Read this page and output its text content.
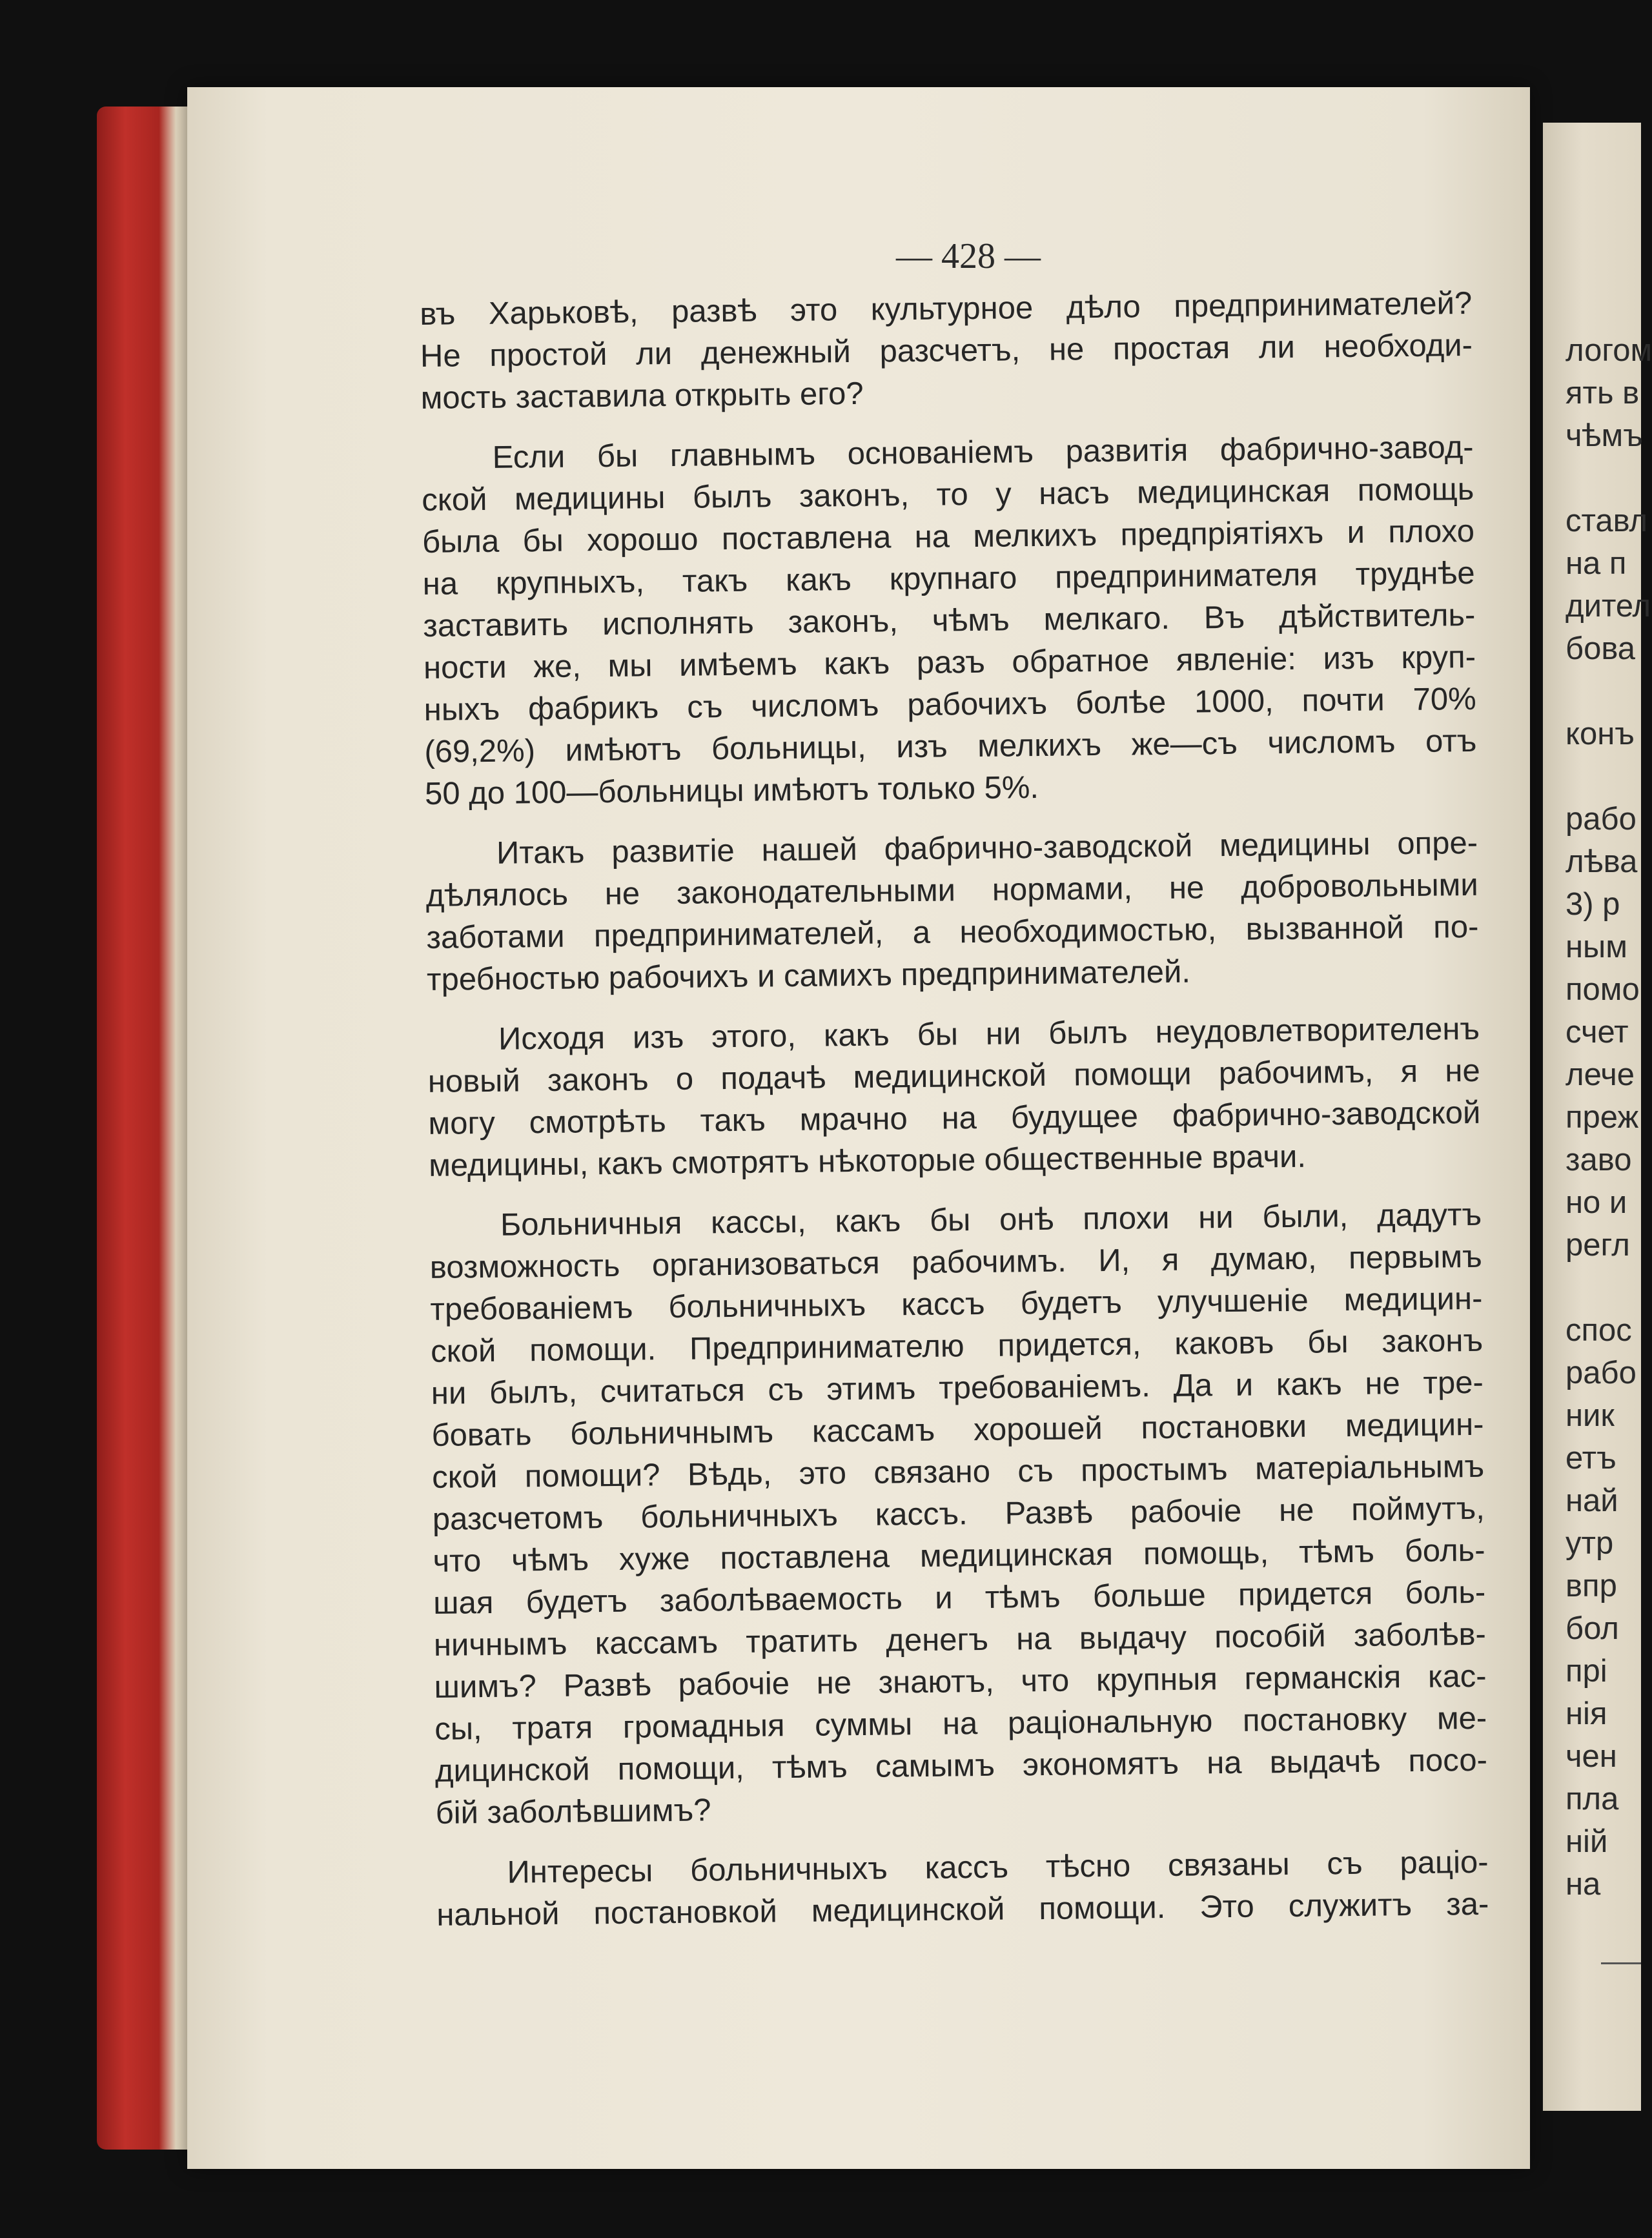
— 428 —

въ Харьковѣ, развѣ это культурное дѣло предпринимателей?
Не простой ли денежный разсчетъ, не простая ли необходи-
мость заставила открыть его?

Если бы главнымъ основаніемъ развитія фабрично-завод-
ской медицины былъ законъ, то у насъ медицинская помощь
была бы хорошо поставлена на мелкихъ предпріятіяхъ и плохо
на крупныхъ, такъ какъ крупнаго предпринимателя труднѣе
заставить исполнять законъ, чѣмъ мелкаго. Въ дѣйствитель-
ности же, мы имѣемъ какъ разъ обратное явленіе: изъ круп-
ныхъ фабрикъ съ числомъ рабочихъ болѣе 1000, почти 70%
(69,2%) имѣютъ больницы, изъ мелкихъ же—съ числомъ отъ
50 до 100—больницы имѣютъ только 5%.

Итакъ развитіе нашей фабрично-заводской медицины опре-
дѣлялось не законодательными нормами, не добровольными
заботами предпринимателей, а необходимостью, вызванной по-
требностью рабочихъ и самихъ предпринимателей.

Исходя изъ этого, какъ бы ни былъ неудовлетворителенъ
новый законъ о подачѣ медицинской помощи рабочимъ, я не
могу смотрѣть такъ мрачно на будущее фабрично-заводской
медицины, какъ смотрятъ нѣкоторые общественные врачи.

Больничныя кассы, какъ бы онѣ плохи ни были, дадутъ
возможность организоваться рабочимъ. И, я думаю, первымъ
требованіемъ больничныхъ кассъ будетъ улучшеніе медицин-
ской помощи. Предпринимателю придется, каковъ бы законъ
ни былъ, считаться съ этимъ требованіемъ. Да и какъ не тре-
бовать больничнымъ кассамъ хорошей постановки медицин-
ской помощи? Вѣдь, это связано съ простымъ матеріальнымъ
разсчетомъ больничныхъ кассъ. Развѣ рабочіе не поймутъ,
что чѣмъ хуже поставлена медицинская помощь, тѣмъ боль-
шая будетъ заболѣваемость и тѣмъ больше придется боль-
ничнымъ кассамъ тратить денегъ на выдачу пособій заболѣв-
шимъ? Развѣ рабочіе не знаютъ, что крупныя германскія кас-
сы, тратя громадныя суммы на раціональную постановку ме-
дицинской помощи, тѣмъ самымъ экономятъ на выдачѣ посо-
бій заболѣвшимъ?

Интересы больничныхъ кассъ тѣсно связаны съ раціо-
нальной постановкой медицинской помощи. Это служитъ за-

логом
ять в
чѣмъ
ставл
на п
дител
бова
конъ
рабо
лѣва
3) р
ным
помо
счет
лече
преж
заво
но и
регл
спос
рабо
ник
етъ
най
утр
впр
бол
прі
нія
чен
пла
ній
на
